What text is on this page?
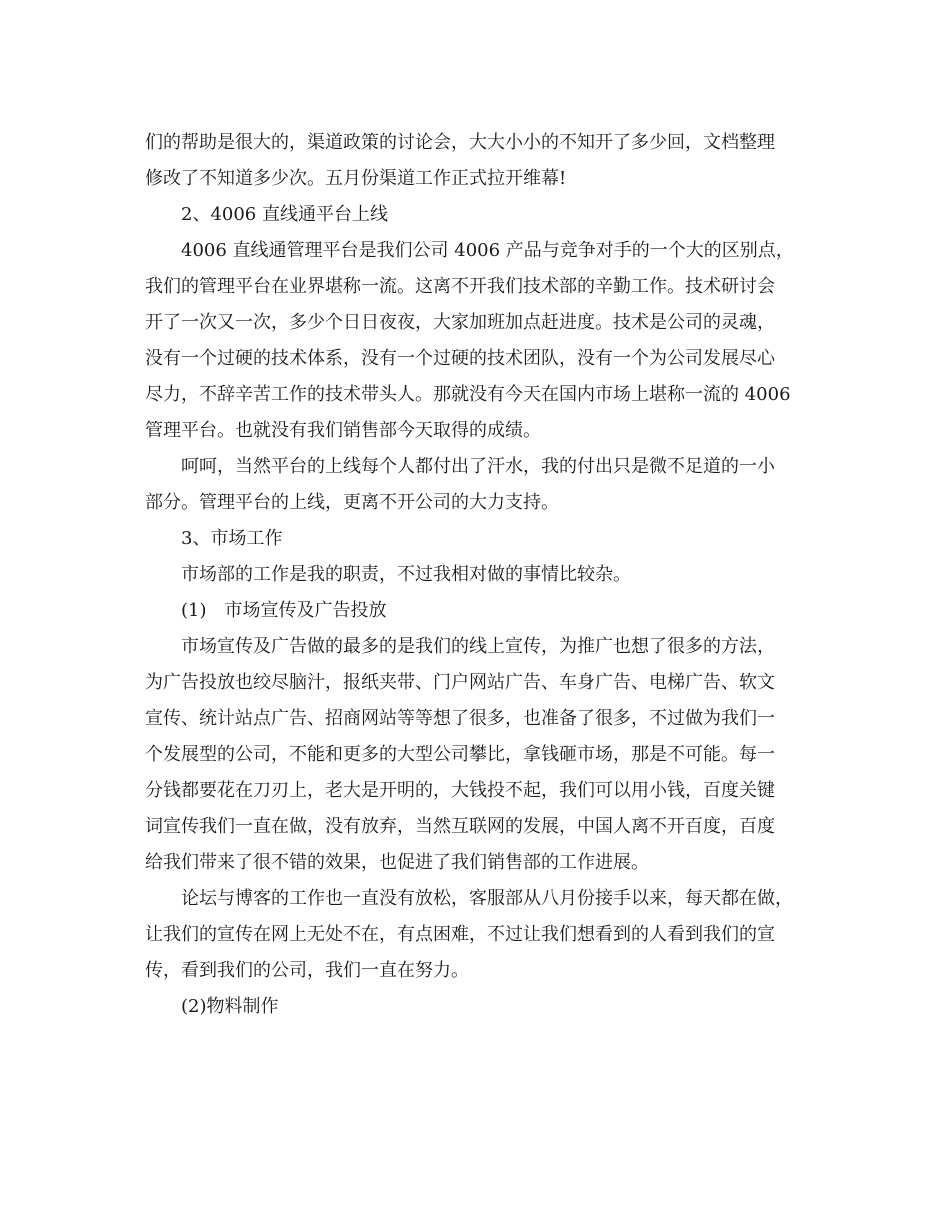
们的帮助是很大的，渠道政策的讨论会，大大小小的不知开了多少回，文档整理
修改了不知道多少次。五月份渠道工作正式拉开维幕!
2、4006 直线通平台上线
4006 直线通管理平台是我们公司 4006 产品与竞争对手的一个大的区别点，
我们的管理平台在业界堪称一流。这离不开我们技术部的辛勤工作。技术研讨会
开了一次又一次，多少个日日夜夜，大家加班加点赶进度。技术是公司的灵魂，
没有一个过硬的技术体系，没有一个过硬的技术团队，没有一个为公司发展尽心
尽力，不辞辛苦工作的技术带头人。那就没有今天在国内市场上堪称一流的 4006
管理平台。也就没有我们销售部今天取得的成绩。
呵呵，当然平台的上线每个人都付出了汗水，我的付出只是微不足道的一小
部分。管理平台的上线，更离不开公司的大力支持。
3、市场工作
市场部的工作是我的职责，不过我相对做的事情比较杂。
(1)　市场宣传及广告投放
市场宣传及广告做的最多的是我们的线上宣传，为推广也想了很多的方法，
为广告投放也绞尽脑汁，报纸夹带、门户网站广告、车身广告、电梯广告、软文
宣传、统计站点广告、招商网站等等想了很多，也准备了很多，不过做为我们一
个发展型的公司，不能和更多的大型公司攀比，拿钱砸市场，那是不可能。每一
分钱都要花在刀刃上，老大是开明的，大钱投不起，我们可以用小钱，百度关键
词宣传我们一直在做，没有放弃，当然互联网的发展，中国人离不开百度，百度
给我们带来了很不错的效果，也促进了我们销售部的工作进展。
论坛与博客的工作也一直没有放松，客服部从八月份接手以来，每天都在做，
让我们的宣传在网上无处不在，有点困难，不过让我们想看到的人看到我们的宣
传，看到我们的公司，我们一直在努力。
(2)物料制作
